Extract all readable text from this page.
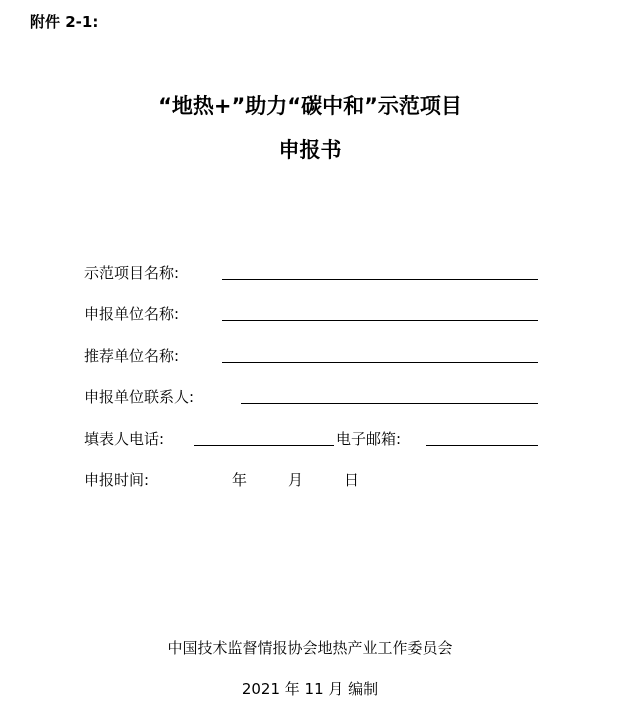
附件 2-1:
“地热+”助力“碳中和”示范项目
申报书
示范项目名称:
申报单位名称:
推荐单位名称:
申报单位联系人:
填表人电话:	电子邮箱:
申报时间:	年	月	日
中国技术监督情报协会地热产业工作委员会
2021 年 11 月 编制
